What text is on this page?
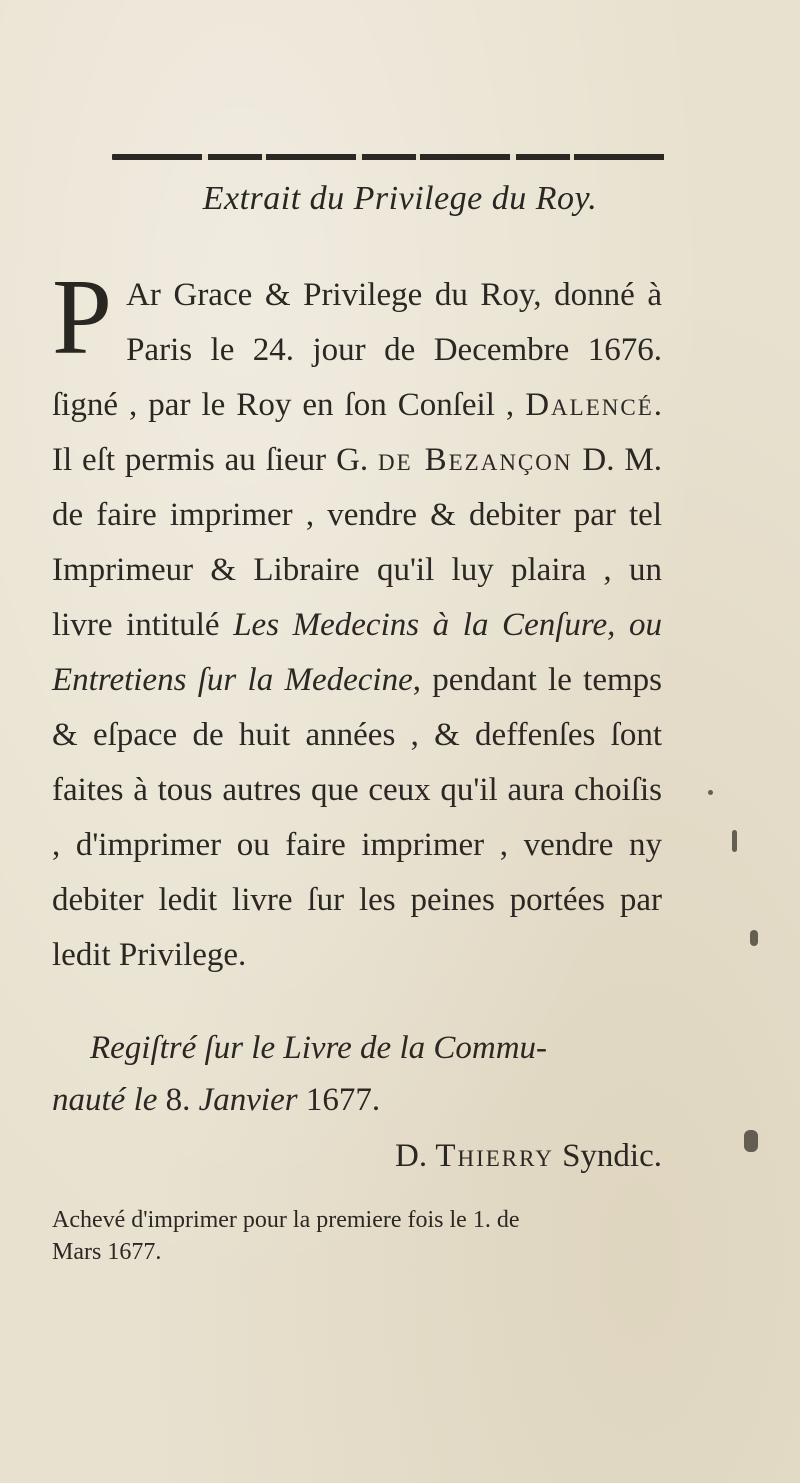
Extrait du Privilege du Roy.
P Ar Grace & Privilege du Roy, donné à Paris le 24. jour de Decembre 1676. ſigné , par le Roy en ſon Conſeil , Dalencé. Il eſt permis au ſieur G. de Bezançon D. M. de faire imprimer , vendre & debiter par tel Imprimeur & Libraire qu'il luy plaira , un livre intitulé Les Medecins à la Cenſure, ou Entretiens ſur la Medecine, pendant le temps & eſpace de huit années , & deffenſes ſont faites à tous autres que ceux qu'il aura choiſis , d'imprimer ou faire imprimer , vendre ny debiter ledit livre ſur les peines portées par ledit Privilege.
Regiſtré ſur le Livre de la Commu-
nauté le 8. Janvier 1677.
D. Thierry Syndic.
Achevé d'imprimer pour la premiere fois le 1. de
Mars 1677.
